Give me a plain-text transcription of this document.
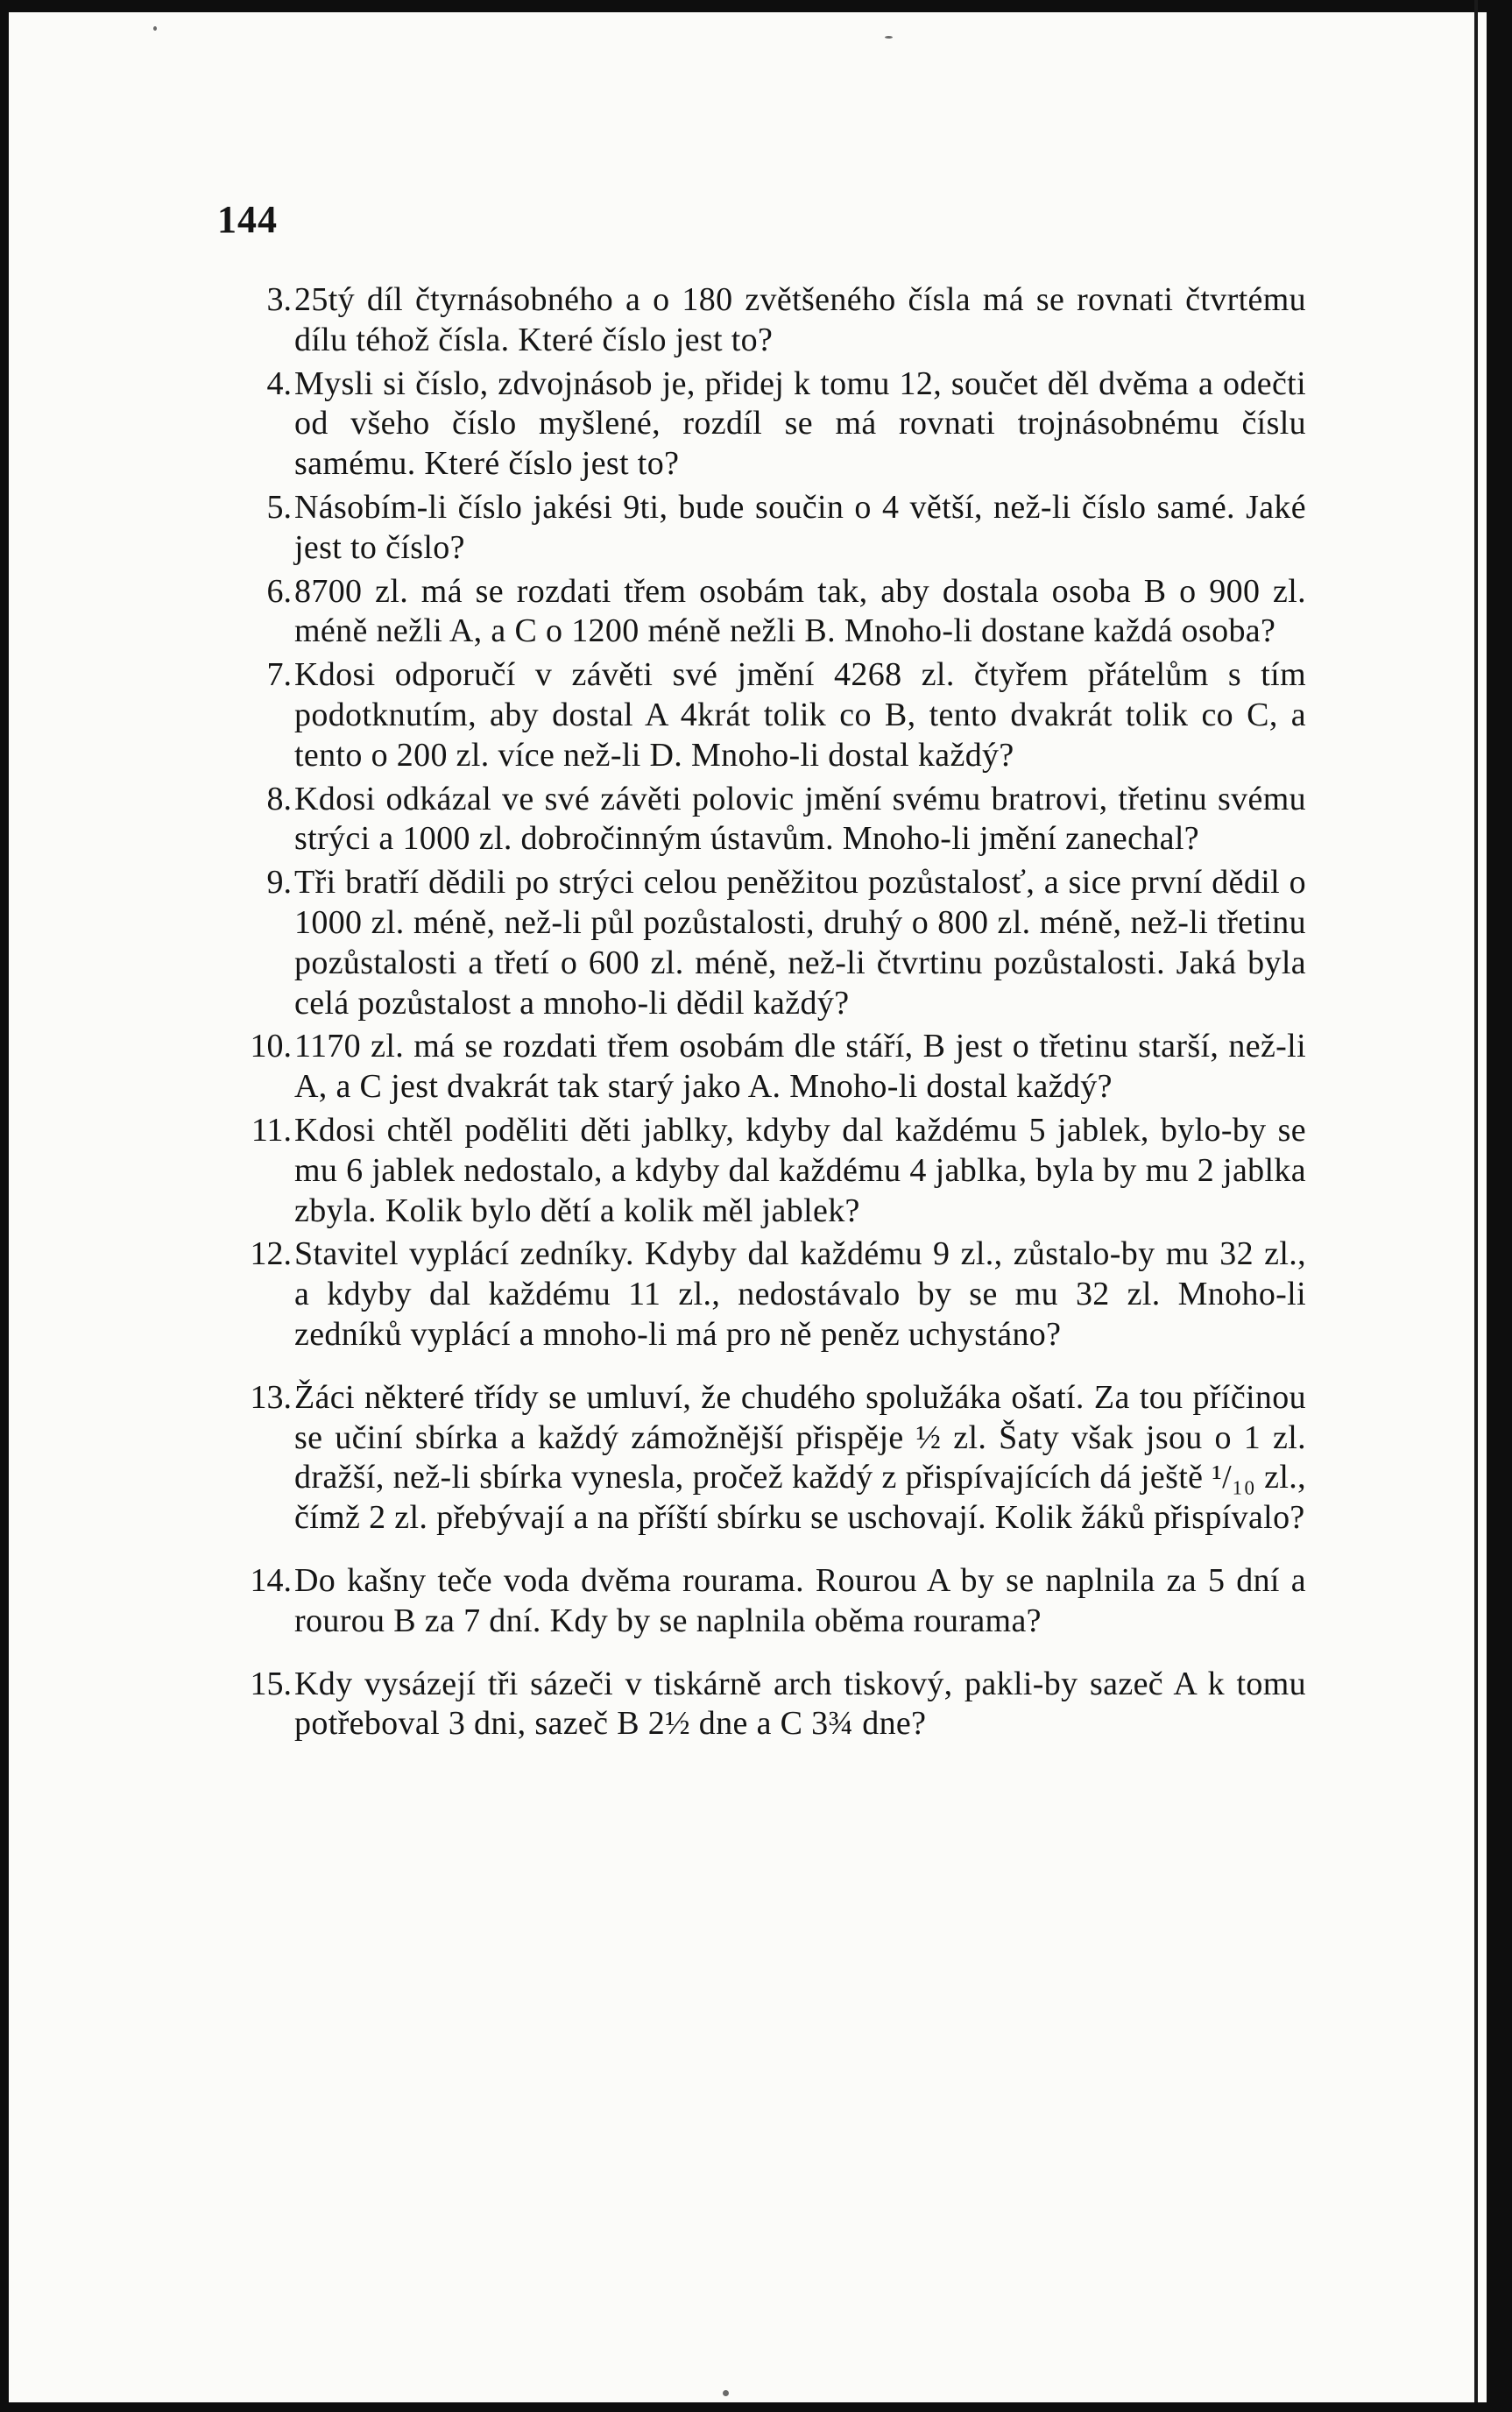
144
3. 25tý díl čtyrnásobného a o 180 zvětšeného čísla má se rovnati čtvrtému dílu téhož čísla. Které číslo jest to?
4. Mysli si číslo, zdvojnásob je, přidej k tomu 12, součet děl dvěma a odečti od všeho číslo myšlené, rozdíl se má rovnati trojnásobnému číslu samému. Které číslo jest to?
5. Násobím-li číslo jakési 9ti, bude součin o 4 větší, než-li číslo samé. Jaké jest to číslo?
6. 8700 zl. má se rozdati třem osobám tak, aby dostala osoba B o 900 zl. méně nežli A, a C o 1200 méně nežli B. Mnoho-li dostane každá osoba?
7. Kdosi odporučí v závěti své jmění 4268 zl. čtyřem přátelům s tím podotknutím, aby dostal A 4krát tolik co B, tento dvakrát tolik co C, a tento o 200 zl. více než-li D. Mnoho-li dostal každý?
8. Kdosi odkázal ve své závěti polovic jmění svému bratrovi, třetinu svému strýci a 1000 zl. dobročinným ústavům. Mnoho-li jmění zanechal?
9. Tři bratří dědili po strýci celou peněžitou pozůstalosť, a sice první dědil o 1000 zl. méně, než-li půl pozůstalosti, druhý o 800 zl. méně, než-li třetinu pozůstalosti a třetí o 600 zl. méně, než-li čtvrtinu pozůstalosti. Jaká byla celá pozůstalost a mnoho-li dědil každý?
10. 1170 zl. má se rozdati třem osobám dle stáří, B jest o třetinu starší, než-li A, a C jest dvakrát tak starý jako A. Mnoho-li dostal každý?
11. Kdosi chtěl poděliti děti jablky, kdyby dal každému 5 jablek, bylo-by se mu 6 jablek nedostalo, a kdyby dal každému 4 jablka, byla by mu 2 jablka zbyla. Kolik bylo dětí a kolik měl jablek?
12. Stavitel vyplácí zedníky. Kdyby dal každému 9 zl., zůstalo-by mu 32 zl., a kdyby dal každému 11 zl., nedostávalo by se mu 32 zl. Mnoho-li zedníků vyplácí a mnoho-li má pro ně peněz uchystáno?
13. Žáci některé třídy se umluví, že chudého spolužáka ošatí. Za tou příčinou se učiní sbírka a každý zámožnější přispěje ½ zl. Šaty však jsou o 1 zl. dražší, než-li sbírka vynesla, pročež každý z přispívajících dá ještě ¹/₁₀ zl., čímž 2 zl. přebývají a na příští sbírku se uschovají. Kolik žáků přispívalo?
14. Do kašny teče voda dvěma rourama. Rourou A by se naplnila za 5 dní a rourou B za 7 dní. Kdy by se naplnila oběma rourama?
15. Kdy vysázejí tři sázeči v tiskárně arch tiskový, pakli-by sazeč A k tomu potřeboval 3 dni, sazeč B 2½ dne a C 3¾ dne?
